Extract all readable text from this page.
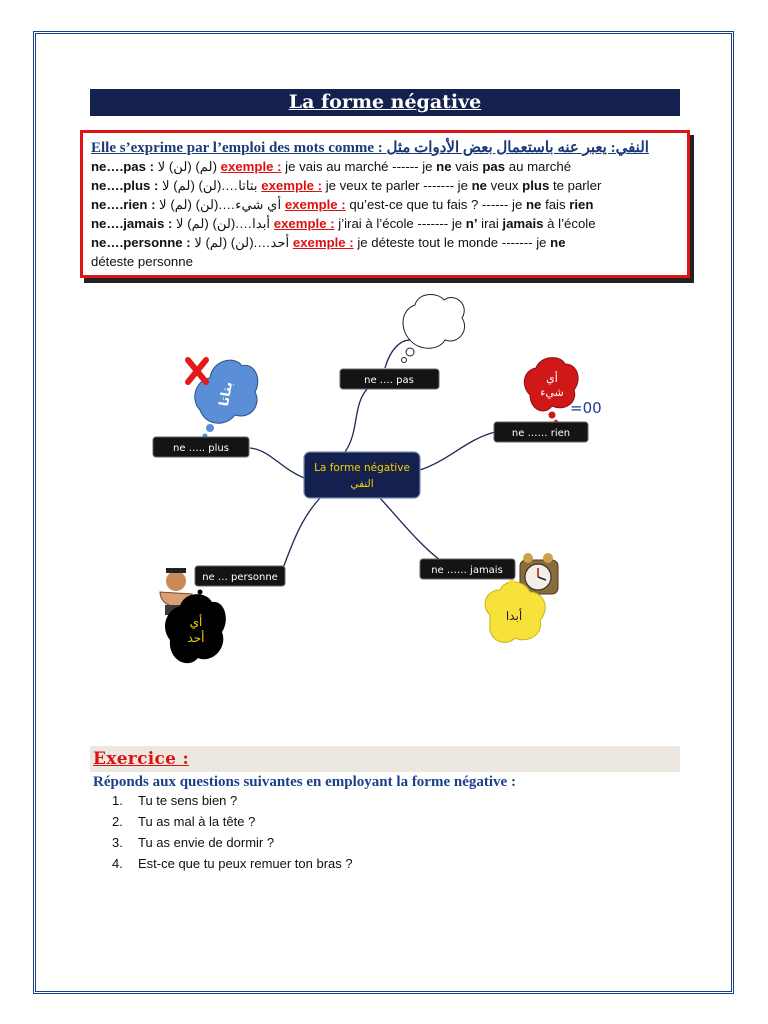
La forme négative
Elle s’exprime par l’emploi des mots comme : النفي: يعبر عنه باستعمال بعض الأدوات مثل
ne….pas : (لم) (لن) لا exemple : je vais au marché ------ je ne vais pas au marché
ne….plus : بتاتا….(لن) (لم) لا exemple : je veux te parler ------- je ne veux plus te parler
ne….rien : أي شيء….(لن) (لم) لا exemple : qu’est-ce que tu fais ? ------ je ne fais rien
ne….jamais : أبدا….(لن) (لم) لا exemple : j’irai à l’école ------- je n’ irai jamais à l’école
ne….personne : أحد….(لن) (لم) لا exemple : je déteste tout le monde ------- je ne
déteste personne
بتاتا
أي
شيء
=00
أي
أحد
أبدا
ne …. pas
ne ….. plus
ne …… rien
ne … personne
ne …… jamais
La forme négative
النفي
Exercice :
Réponds aux questions suivantes en employant la forme négative :
1. Tu te sens bien ?
2. Tu as mal à la tête ?
3. Tu as envie de dormir ?
4. Est-ce que tu peux remuer ton bras ?
